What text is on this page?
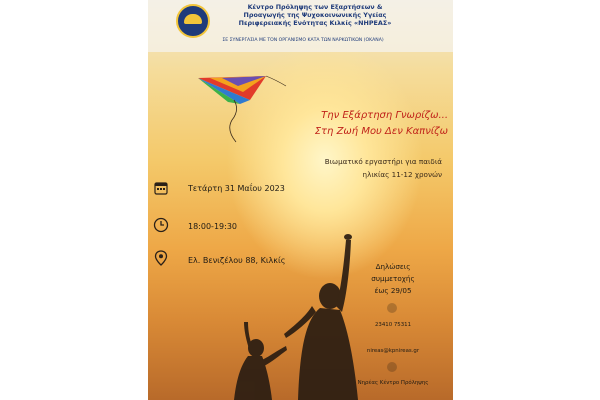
Κέντρο Πρόληψης των Εξαρτήσεων &
Προαγωγής της Ψυχοκοινωνικής Υγείας
Περιφερειακής Ενότητας Κιλκίς «ΝΗΡΕΑΣ»
ΣΕ ΣΥΝΕΡΓΑΣΙΑ ΜΕ ΤΟΝ ΟΡΓΑΝΙΣΜΟ ΚΑΤΑ ΤΩΝ ΝΑΡΚΩΤΙΚΩΝ (ΟΚΑΝΑ)
Την Εξάρτηση Γνωρίζω...
Στη Ζωή Μου Δεν Καπνίζω
Βιωματικό εργαστήρι για παιδιά
ηλικίας 11-12 χρονών
Τετάρτη 31 Μαΐου 2023
18:00-19:30
Ελ. Βενιζέλου 88, Κιλκίς
Δηλώσεις
συμμετοχής
έως 29/05
23410 75311
nireas@kpnireas.gr
Νηρέας Κέντρο Πρόληψης
